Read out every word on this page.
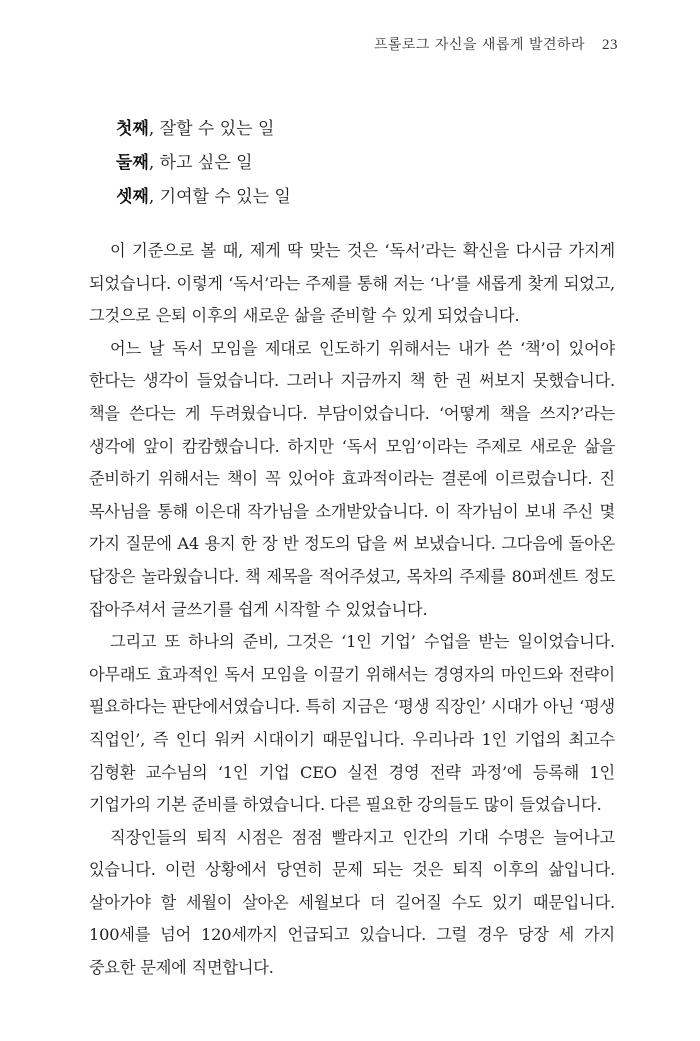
프롤로그 자신을 새롭게 발견하라 23
첫째, 잘할 수 있는 일
둘째, 하고 싶은 일
셋째, 기여할 수 있는 일

이 기준으로 볼 때, 제게 딱 맞는 것은 ‘독서’라는 확신을 다시금 가지게 되었습니다. 이렇게 ‘독서’라는 주제를 통해 저는 ‘나’를 새롭게 찾게 되었고, 그것으로 은퇴 이후의 새로운 삶을 준비할 수 있게 되었습니다.

어느 날 독서 모임을 제대로 인도하기 위해서는 내가 쓴 ‘책’이 있어야 한다는 생각이 들었습니다. 그러나 지금까지 책 한 권 써보지 못했습니다. 책을 쓴다는 게 두려웠습니다. 부담이었습니다. ‘어떻게 책을 쓰지?’라는 생각에 앞이 캄캄했습니다. 하지만 ‘독서 모임’이라는 주제로 새로운 삶을 준비하기 위해서는 책이 꼭 있어야 효과적이라는 결론에 이르렀습니다. 진 목사님을 통해 이은대 작가님을 소개받았습니다. 이 작가님이 보내 주신 몇 가지 질문에 A4 용지 한 장 반 정도의 답을 써 보냈습니다. 그다음에 돌아온 답장은 놀라웠습니다. 책 제목을 적어주셨고, 목차의 주제를 80퍼센트 정도 잡아주셔서 글쓰기를 쉽게 시작할 수 있었습니다.

그리고 또 하나의 준비, 그것은 ‘1인 기업’ 수업을 받는 일이었습니다. 아무래도 효과적인 독서 모임을 이끌기 위해서는 경영자의 마인드와 전략이 필요하다는 판단에서였습니다. 특히 지금은 ‘평생 직장인’ 시대가 아닌 ‘평생 직업인’, 즉 인디 워커 시대이기 때문입니다. 우리나라 1인 기업의 최고수 김형환 교수님의 ‘1인 기업 CEO 실전 경영 전략 과정’에 등록해 1인 기업가의 기본 준비를 하였습니다. 다른 필요한 강의들도 많이 들었습니다.

직장인들의 퇴직 시점은 점점 빨라지고 인간의 기대 수명은 늘어나고 있습니다. 이런 상황에서 당연히 문제 되는 것은 퇴직 이후의 삶입니다. 살아가야 할 세월이 살아온 세월보다 더 길어질 수도 있기 때문입니다. 100세를 넘어 120세까지 언급되고 있습니다. 그럴 경우 당장 세 가지 중요한 문제에 직면합니다.
